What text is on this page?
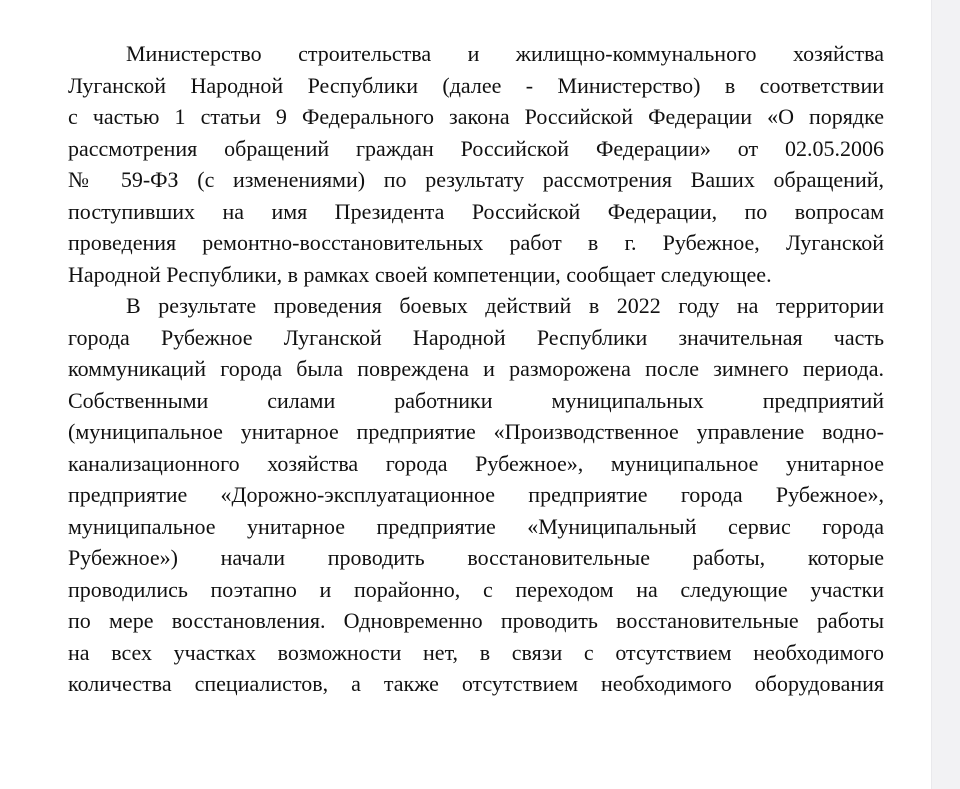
Министерство строительства и жилищно-коммунального хозяйства
Луганской Народной Республики (далее - Министерство) в соответствии
с частью 1 статьи 9 Федерального закона Российской Федерации «О порядке
рассмотрения обращений граждан Российской Федерации» от 02.05.2006
№ 59-ФЗ (с изменениями) по результату рассмотрения Ваших обращений,
поступивших на имя Президента Российской Федерации, по вопросам
проведения ремонтно-восстановительных работ в г. Рубежное, Луганской
Народной Республики, в рамках своей компетенции, сообщает следующее.
В результате проведения боевых действий в 2022 году на территории
города Рубежное Луганской Народной Республики значительная часть
коммуникаций города была повреждена и разморожена после зимнего периода.
Собственными силами работники муниципальных предприятий
(муниципальное унитарное предприятие «Производственное управление водно-
канализационного хозяйства города Рубежное», муниципальное унитарное
предприятие «Дорожно-эксплуатационное предприятие города Рубежное»,
муниципальное унитарное предприятие «Муниципальный сервис города
Рубежное») начали проводить восстановительные работы, которые
проводились поэтапно и порайонно, с переходом на следующие участки
по мере восстановления. Одновременно проводить восстановительные работы
на всех участках возможности нет, в связи с отсутствием необходимого
количества специалистов, а также отсутствием необходимого оборудования
